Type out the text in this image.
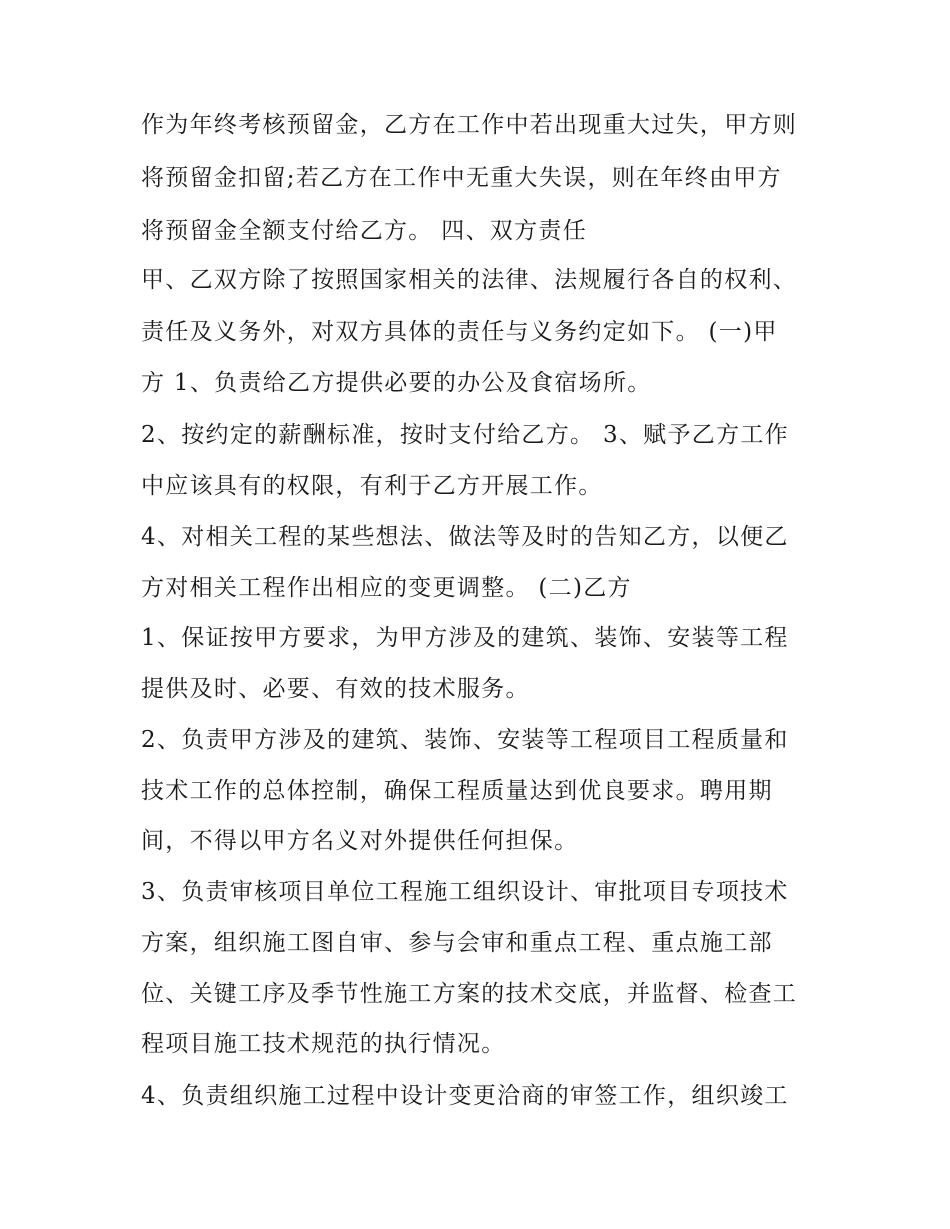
作为年终考核预留金，乙方在工作中若出现重大过失，甲方则
将预留金扣留;若乙方在工作中无重大失误，则在年终由甲方
将预留金全额支付给乙方。 四、双方责任
甲、乙双方除了按照国家相关的法律、法规履行各自的权利、
责任及义务外，对双方具体的责任与义务约定如下。 (一)甲
方 1、负责给乙方提供必要的办公及食宿场所。
2、按约定的薪酬标准，按时支付给乙方。 3、赋予乙方工作
中应该具有的权限，有利于乙方开展工作。
4、对相关工程的某些想法、做法等及时的告知乙方，以便乙
方对相关工程作出相应的变更调整。 (二)乙方
1、保证按甲方要求，为甲方涉及的建筑、装饰、安装等工程
提供及时、必要、有效的技术服务。
2、负责甲方涉及的建筑、装饰、安装等工程项目工程质量和
技术工作的总体控制，确保工程质量达到优良要求。聘用期
间，不得以甲方名义对外提供任何担保。
3、负责审核项目单位工程施工组织设计、审批项目专项技术
方案，组织施工图自审、参与会审和重点工程、重点施工部
位、关键工序及季节性施工方案的技术交底，并监督、检查工
程项目施工技术规范的执行情况。
4、负责组织施工过程中设计变更洽商的审签工作，组织竣工
